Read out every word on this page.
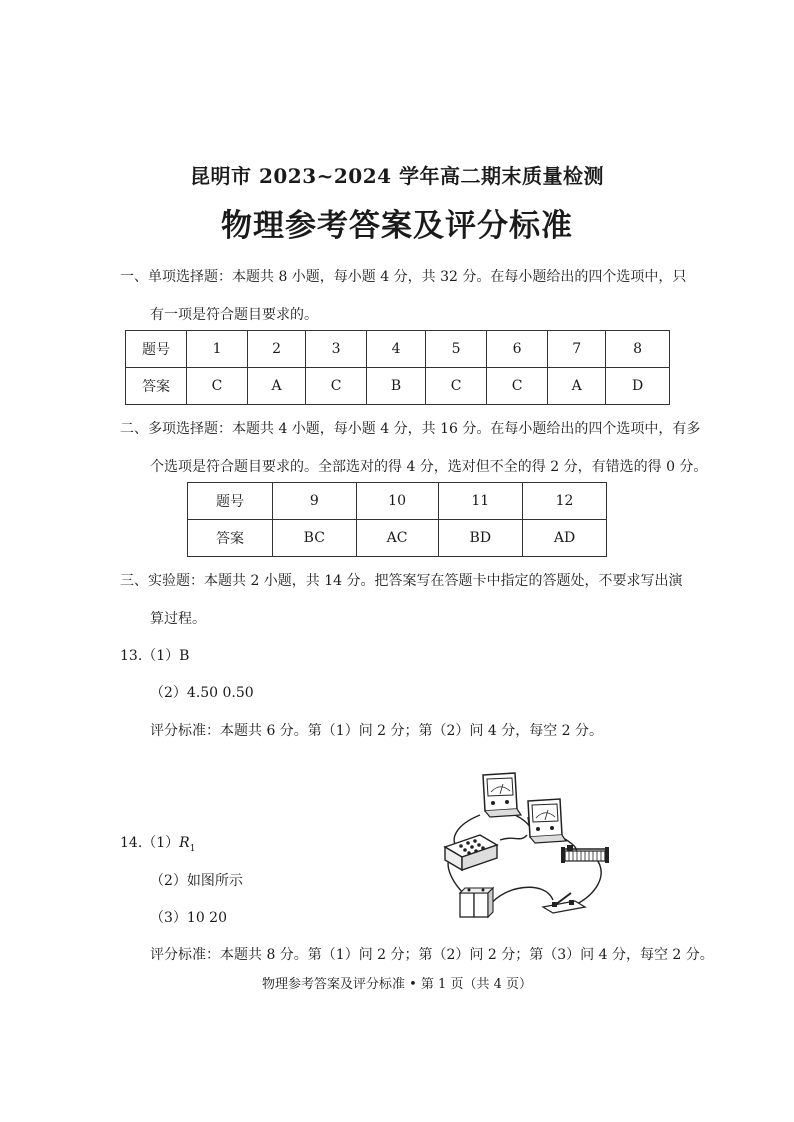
昆明市 2023~2024 学年高二期末质量检测
物理参考答案及评分标准
一、单项选择题：本题共 8 小题，每小题 4 分，共 32 分。在每小题给出的四个选项中，只
有一项是符合题目要求的。
题号	1	2	3	4	5	6	7	8
答案	C	A	C	B	C	C	A	D
二、多项选择题：本题共 4 小题，每小题 4 分，共 16 分。在每小题给出的四个选项中，有多
个选项是符合题目要求的。全部选对的得 4 分，选对但不全的得 2 分，有错选的得 0 分。
题号	9	10	11	12
答案	BC	AC	BD	AD
三、实验题：本题共 2 小题，共 14 分。把答案写在答题卡中指定的答题处，不要求写出演
算过程。
13.（1）B
（2）4.50 0.50
评分标准：本题共 6 分。第（1）问 2 分；第（2）问 4 分，每空 2 分。
$14.(1)R_1$
（2）如图所示
（3）10 20
评分标准：本题共 8 分。第（1）问 2 分；第（2）问 2 分；第（3）问 4 分，每空 2 分。
物理参考答案及评分标准 • 第 1 页（共 4 页）
